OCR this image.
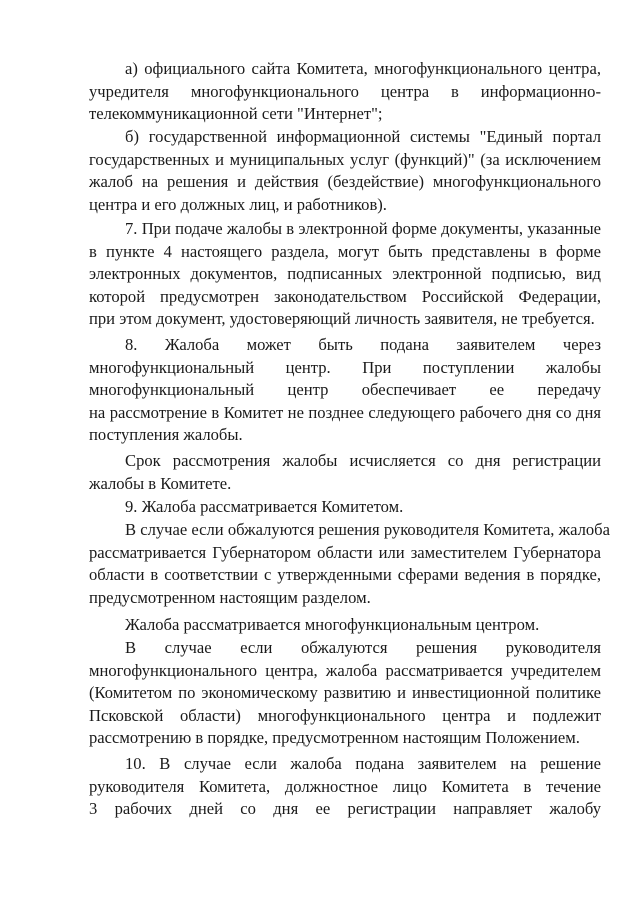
а) официального сайта Комитета, многофункционального центра,
учредителя многофункционального центра в информационно-
телекоммуникационной сети "Интернет";
б) государственной информационной системы "Единый портал
государственных и муниципальных услуг (функций)" (за исключением
жалоб на решения и действия (бездействие) многофункционального
центра и его должных лиц, и работников).
7. При подаче жалобы в электронной форме документы, указанные
в пункте 4 настоящего раздела, могут быть представлены в форме
электронных документов, подписанных электронной подписью, вид
которой предусмотрен законодательством Российской Федерации,
при этом документ, удостоверяющий личность заявителя, не требуется.
8. Жалоба может быть подана заявителем через
многофункциональный центр. При поступлении жалобы
многофункциональный центр обеспечивает ее передачу
на рассмотрение в Комитет не позднее следующего рабочего дня со дня
поступления жалобы.
Срок рассмотрения жалобы исчисляется со дня регистрации
жалобы в Комитете.
9. Жалоба рассматривается Комитетом.
В случае если обжалуются решения руководителя Комитета, жалоба
рассматривается Губернатором области или заместителем Губернатора
области в соответствии с утвержденными сферами ведения в порядке,
предусмотренном настоящим разделом.
Жалоба рассматривается многофункциональным центром.
В случае если обжалуются решения руководителя
многофункционального центра, жалоба рассматривается учредителем
(Комитетом по экономическому развитию и инвестиционной политике
Псковской области) многофункционального центра и подлежит
рассмотрению в порядке, предусмотренном настоящим Положением.
10. В случае если жалоба подана заявителем на решение
руководителя Комитета, должностное лицо Комитета в течение
3 рабочих дней со дня ее регистрации направляет жалобу
